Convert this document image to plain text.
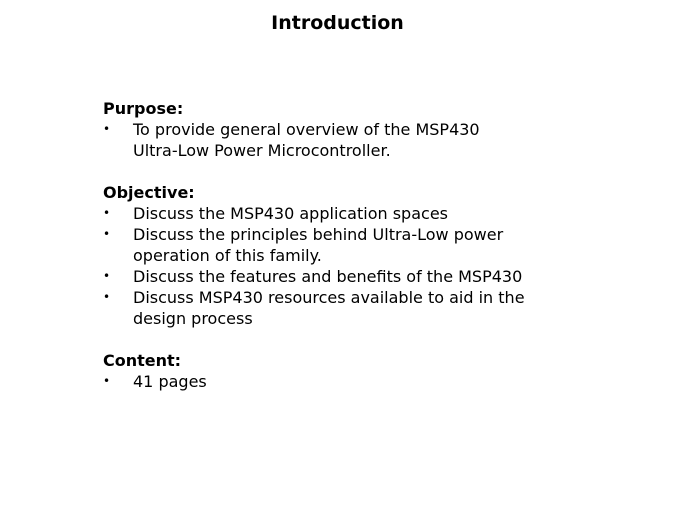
Introduction
Purpose:
• To provide general overview of the MSP430
Ultra-Low Power Microcontroller.
Objective:
• Discuss the MSP430 application spaces
• Discuss the principles behind Ultra-Low power
operation of this family.
• Discuss the features and benefits of the MSP430
• Discuss MSP430 resources available to aid in the
design process
Content:
• 41 pages
